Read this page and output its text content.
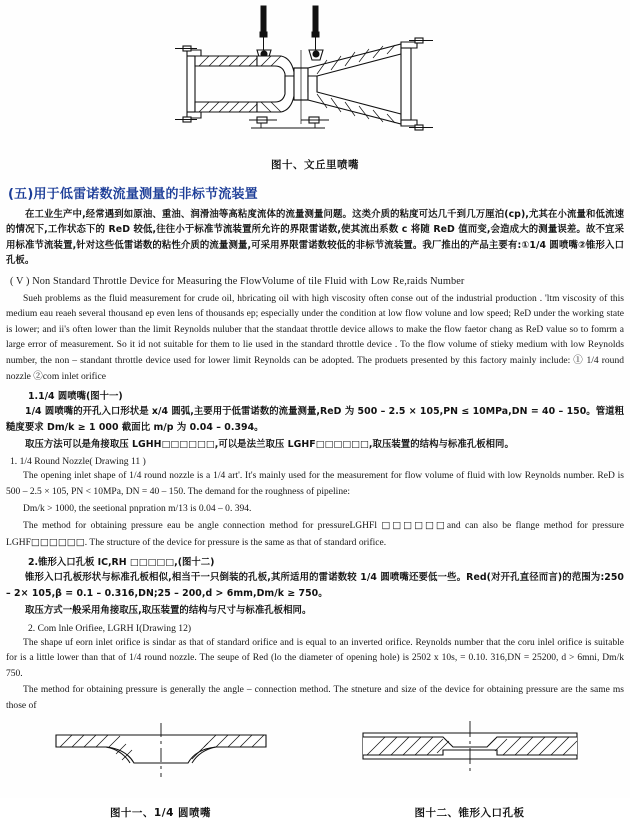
图十、文丘里喷嘴
(五)用于低雷诺数流量测量的非标节流装置

在工业生产中,经常遇到如原油、重油、润滑油等高粘度流体的流量测量问题。这类介质的粘度可达几千到几万厘泊(cp),尤其在小流量和低流速的情况下,工作状态下的 ReD 较低,往往小于标准节流装置所允许的界限雷诺数,使其流出系数 c 将随 ReD 值而变,会造成大的测量误差。故不宜采用标准节流装置,针对这些低雷诺数的粘性介质的流量测量,可采用界限雷诺数较低的非标节流装置。我厂推出的产品主要有:①1/4 圆喷嘴②锥形入口孔板。

( V ) Non Standard Throttle Device for Measuring the FlowVolume of tile Fluid with Low Re,raids Number

Sueh problems as the fluid measurement for crude oil, hbricating oil with high viscosity often conse out of the industrial production . 'ltm viscosity of this medium eau reaeh several thousand ep even lens of thousands ep; especially under the condition at low flow volune and low speed; ReD under the working state is lower; and ii's often lower than the limit Reynolds nuluber that the standaat throttle device allows to make the flow faetor chang as ReD value so to fomrm a large error of measurement. So it id not suitable for them to lie used in the standard throttle device . To the flow volume of stieky medium with low Reynolds number, the non – standant throttle device used for lower limit Reynolds can be adopted. The produets presented by this factory mainly include: ① 1/4 round nozzle ②com inlet orifice

1.1/4 圆喷嘴(图十一)

1/4 圆喷嘴的开孔入口形状是 x/4 圆弧,主要用于低雷诺数的流量测量,ReD 为 500 – 2.5 × 105,PN ≤ 10MPa,DN = 40 – 150。管道粗糙度要求 Dm/k ≥ 1 000 截面比 m/p 为 0.04 – 0.394。

取压方法可以是角接取压 LGHH□□□□□□,可以是法兰取压 LGHF□□□□□□,取压装置的结构与标准孔板相同。

1. 1/4 Round Nozzle( Drawing 11 )

The opening inlet shape of 1/4 round nozzle is a 1/4 art'. It's mainly used for the measurement for flow volume of fluid with low Reynolds number. ReD is 500 – 2.5 × 105, PN < 10MPa, DN = 40 – 150. The demand for the roughness of pipeline:

Dm/k > 1000, the seetional pnpration m/13 is 0.04 – 0. 394.

The method for obtaining pressure eau be angle connection method for pressureLGHFl □□□□□□and can also be flange method for pressure LGHF□□□□□□. The structure of the device for pressure is the same as that of standard orifice.

2.锥形入口孔板 IC,RH □□□□□,(图十二)

锥形入口孔板形状与标准孔板相似,相当干一只倒装的孔板,其所适用的雷诺数较 1/4 圆喷嘴还要低一些。Red(对开孔直径而言)的范围为:250 – 2× 105,β = 0.1 – 0.316,DN;25 – 200,d > 6mm,Dm/k ≥ 750。

取压方式一般采用角接取压,取压装置的结构与尺寸与标准孔板相同。

2. Com lnle Orifiee, LGRH I(Drawing 12)

The shape uf eorn inlet orifice is sindar as that of standard orifice and is equal to an inverted orifice. Reynolds number that the coru inlel orifice is suitable for is a little lower than that of 1/4 round nozzle. The seupe of Red (lo the diameter of opening hole) is 2502 x 10s, = 0.10. 316,DN = 25200, d > 6mni, Dm/k 750.

The method for obtaining pressure is generally the angle – connection method. The stneture and size of the device for obtaining pressure are the same ms those of

图十一、1/4 圆喷嘴	图十二、锥形入口孔板
